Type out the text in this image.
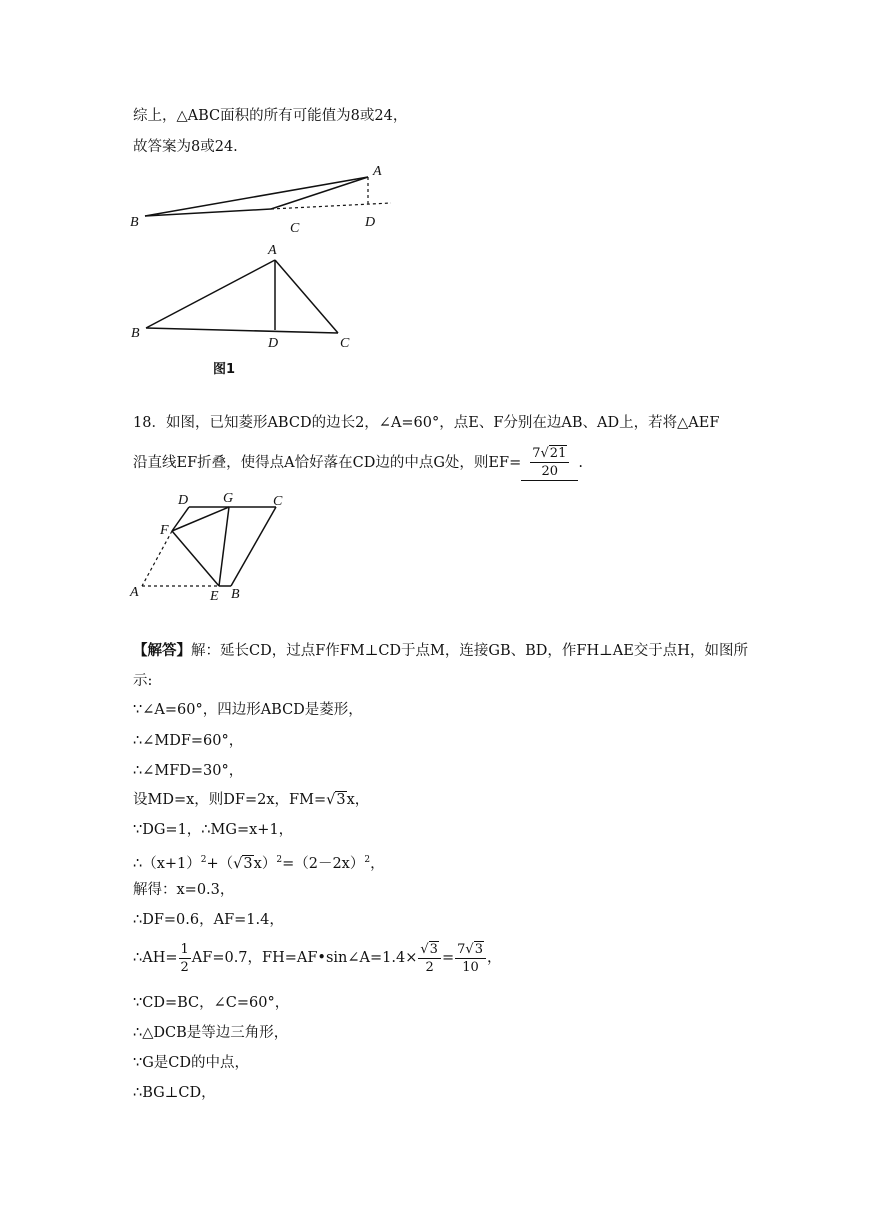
综上，△ABC面积的所有可能值为8或24，
故答案为8或24.
A
B	C	D
A
B
D	C
图1
18．如图，已知菱形ABCD的边长2，∠A=60°，点E、F分别在边AB、AD上，若将△AEF
沿直线EF折叠，使得点A恰好落在CD边的中点G处，则$EF= \frac{7√21}{20}$ .
D G	C
F
A	E B
【解答】解：延长CD，过点F作FM⊥CD于点M，连接GB、BD，作FH⊥AE交于点H，如图所
示:
∵∠A=60°，四边形ABCD是菱形，
∴∠MDF=60°，
∴∠MFD=30°，
设MD=x，则DF=2x，FM=√3x，
∵DG=1，∴MG=x+1，
$\therefore(x+1)^2+(√3x)^2=(2-2x)^2$，
解得：x=0.3，
∴DF=0.6，AF=1.4，
∴AH= $\frac{1}{2} AF=0.7$，FH=AF•sin∠A=1.4× $\frac{√3}{2} = \frac{7√3}{10}$ ，
∵CD=BC，∠C=60°，
∴△DCB是等边三角形，
∵G是CD的中点，
∴BG⊥CD，
